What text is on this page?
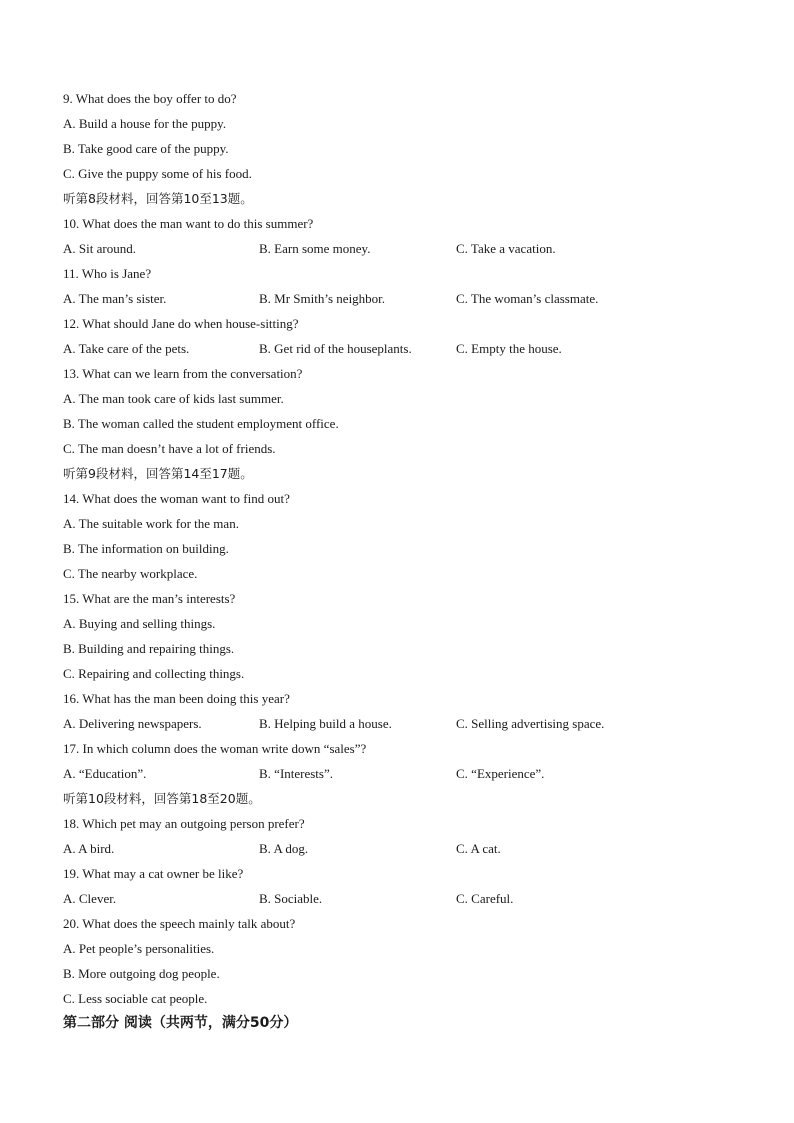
9. What does the boy offer to do?
A. Build a house for the puppy.
B. Take good care of the puppy.
C. Give the puppy some of his food.
听第8段材料，回答第10至13题。
10. What does the man want to do this summer?
A. Sit around.	B. Earn some money.	C. Take a vacation.
11. Who is Jane?
A. The man’s sister.	B. Mr Smith’s neighbor.	C. The woman’s classmate.
12. What should Jane do when house-sitting?
A. Take care of the pets.	B. Get rid of the houseplants.	C. Empty the house.
13. What can we learn from the conversation?
A. The man took care of kids last summer.
B. The woman called the student employment office.
C. The man doesn’t have a lot of friends.
听第9段材料，回答第14至17题。
14. What does the woman want to find out?
A. The suitable work for the man.
B. The information on building.
C. The nearby workplace.
15. What are the man’s interests?
A. Buying and selling things.
B. Building and repairing things.
C. Repairing and collecting things.
16. What has the man been doing this year?
A. Delivering newspapers.	B. Helping build a house.	C. Selling advertising space.
17. In which column does the woman write down “sales”?
A. “Education”.	B. “Interests”.	C. “Experience”.
听第10段材料，回答第18至20题。
18. Which pet may an outgoing person prefer?
A. A bird.	B. A dog.	C. A cat.
19. What may a cat owner be like?
A. Clever.	B. Sociable.	C. Careful.
20. What does the speech mainly talk about?
A. Pet people’s personalities.
B. More outgoing dog people.
C. Less sociable cat people.
第二部分 阅读（共两节，满分50分）
